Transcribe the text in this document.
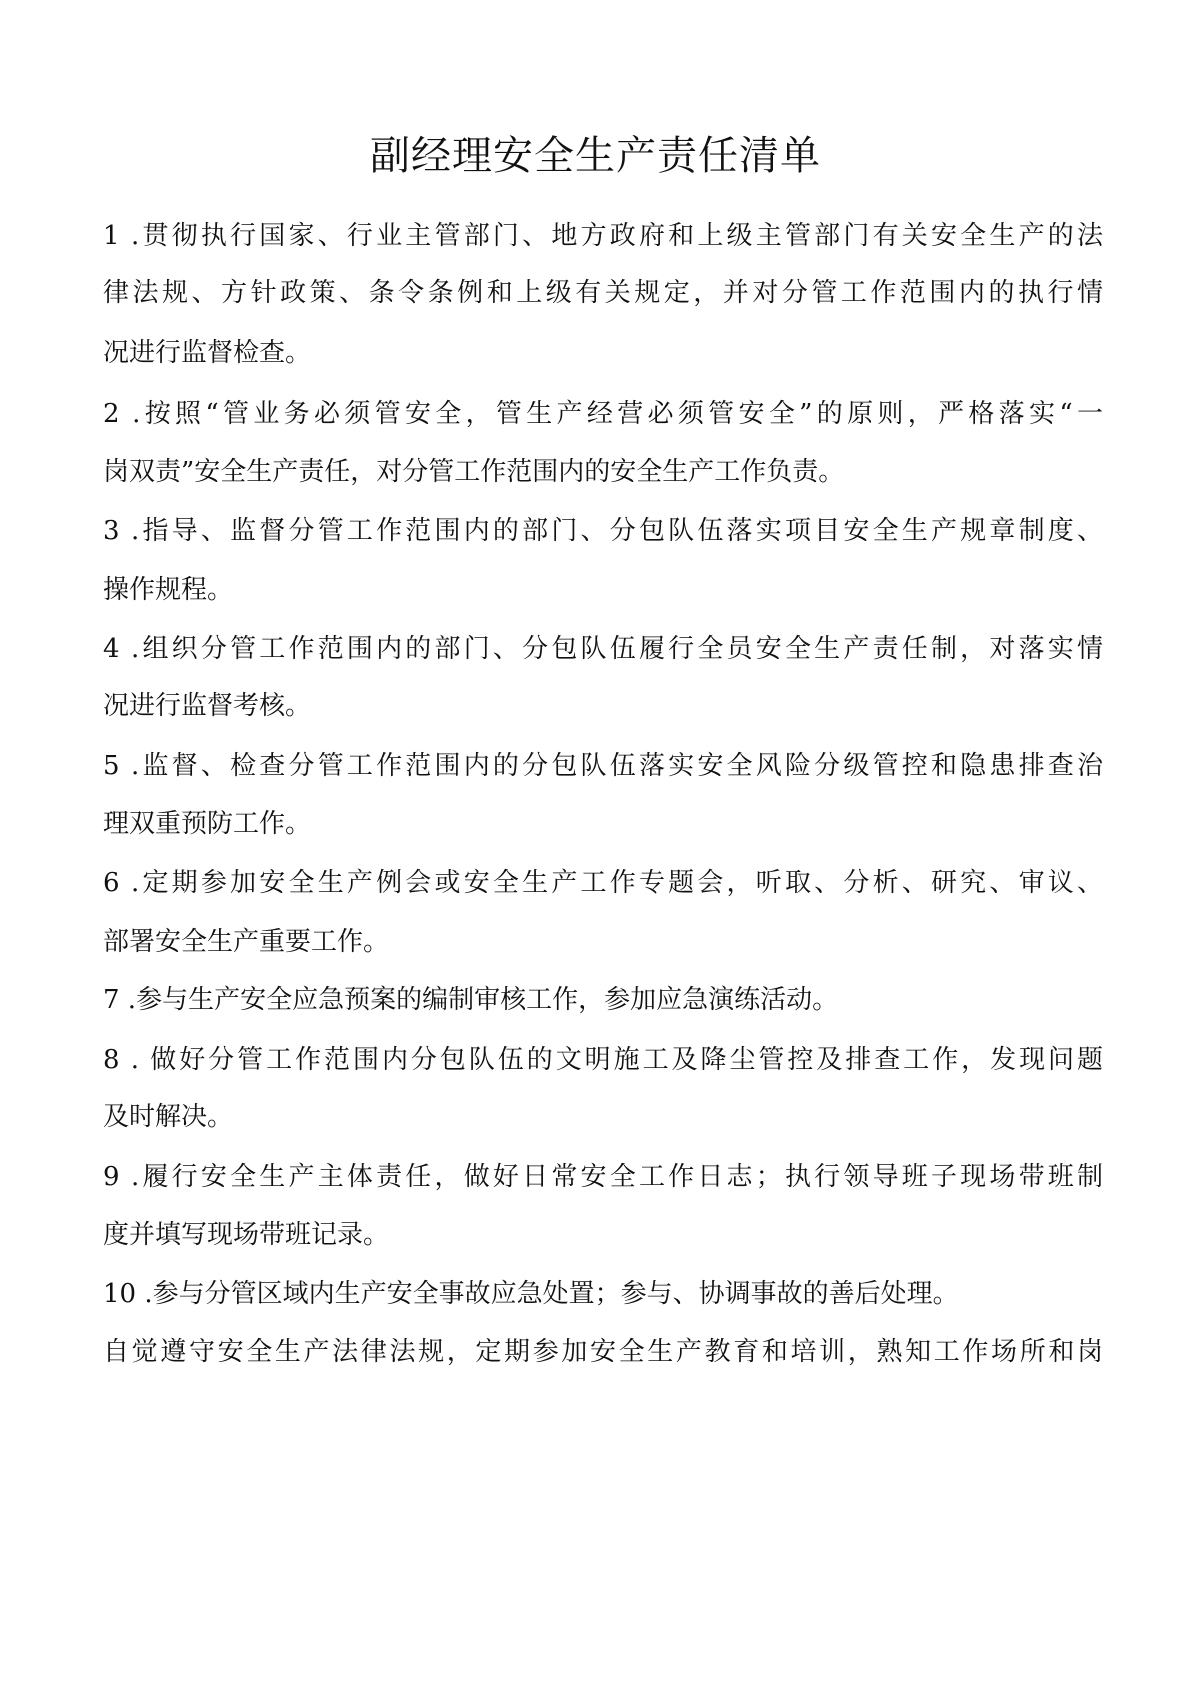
副经理安全生产责任清单
1 .贯彻执行国家、行业主管部门、地方政府和上级主管部门有关安全生产的法
律法规、方针政策、条令条例和上级有关规定，并对分管工作范围内的执行情
况进行监督检查。
2 .按照“管业务必须管安全，管生产经营必须管安全”的原则，严格落实“一
岗双责”安全生产责任，对分管工作范围内的安全生产工作负责。
3 .指导、监督分管工作范围内的部门、分包队伍落实项目安全生产规章制度、
操作规程。
4 .组织分管工作范围内的部门、分包队伍履行全员安全生产责任制，对落实情
况进行监督考核。
5 .监督、检查分管工作范围内的分包队伍落实安全风险分级管控和隐患排查治
理双重预防工作。
6 .定期参加安全生产例会或安全生产工作专题会，听取、分析、研究、审议、
部署安全生产重要工作。
7 .参与生产安全应急预案的编制审核工作，参加应急演练活动。
8 . 做好分管工作范围内分包队伍的文明施工及降尘管控及排查工作，发现问题
及时解决。
9 .履行安全生产主体责任，做好日常安全工作日志；执行领导班子现场带班制
度并填写现场带班记录。
10 .参与分管区域内生产安全事故应急处置；参与、协调事故的善后处理。
自觉遵守安全生产法律法规，定期参加安全生产教育和培训，熟知工作场所和岗
